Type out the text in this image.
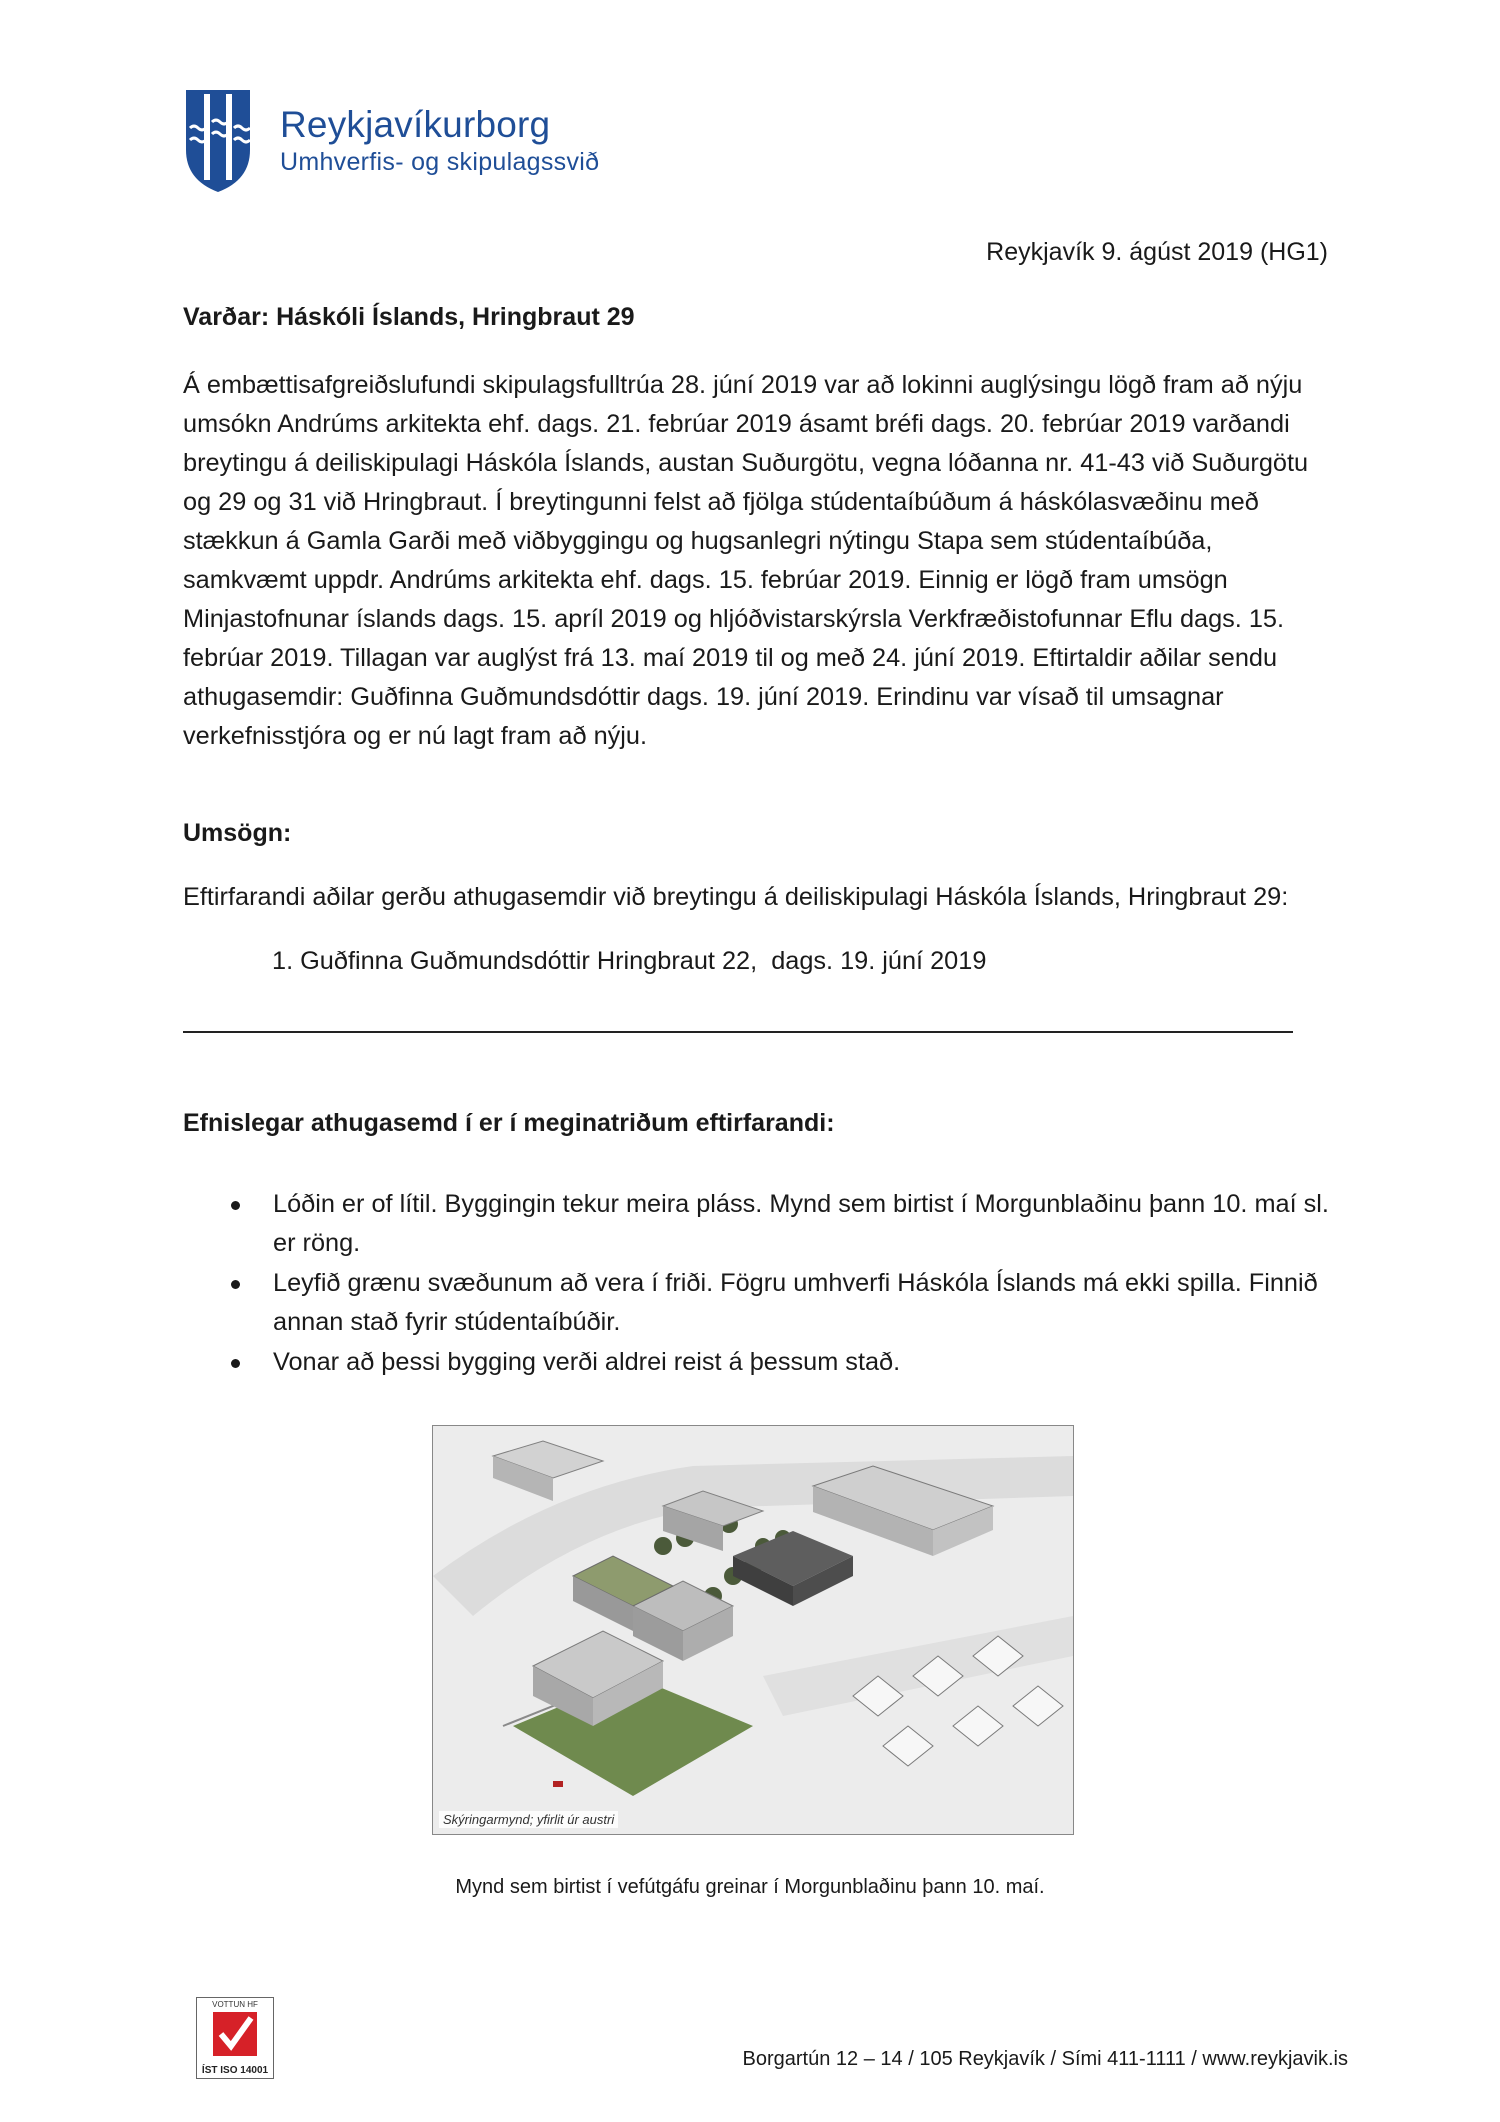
Reykjavíkurborg
Umhverfis- og skipulagssvið
Reykjavík 9. ágúst 2019 (HG1)
Varðar: Háskóli Íslands, Hringbraut 29

Á embættisafgreiðslufundi skipulagsfulltrúa 28. júní 2019 var að lokinni auglýsingu lögð fram að nýju umsókn Andrúms arkitekta ehf. dags. 21. febrúar 2019 ásamt bréfi dags. 20. febrúar 2019 varðandi breytingu á deiliskipulagi Háskóla Íslands, austan Suðurgötu, vegna lóðanna nr. 41-43 við Suðurgötu og 29 og 31 við Hringbraut. Í breytingunni felst að fjölga stúdentaíbúðum á háskólasvæðinu með stækkun á Gamla Garði með viðbyggingu og hugsanlegri nýtingu Stapa sem stúdentaíbúða, samkvæmt uppdr. Andrúms arkitekta ehf. dags. 15. febrúar 2019. Einnig er lögð fram umsögn Minjastofnunar íslands dags. 15. apríl 2019 og hljóðvistarskýrsla Verkfræðistofunnar Eflu dags. 15. febrúar 2019. Tillagan var auglýst frá 13. maí 2019 til og með 24. júní 2019. Eftirtaldir aðilar sendu athugasemdir: Guðfinna Guðmundsdóttir dags. 19. júní 2019. Erindinu var vísað til umsagnar verkefnisstjóra og er nú lagt fram að nýju.

Umsögn:
Eftirfarandi aðilar gerðu athugasemdir við breytingu á deiliskipulagi Háskóla Íslands, Hringbraut 29:
1. Guðfinna Guðmundsdóttir Hringbraut 22,  dags. 19. júní 2019
Efnislegar athugasemd í er í meginatriðum eftirfarandi:
Lóðin er of lítil. Byggingin tekur meira pláss. Mynd sem birtist í Morgunblaðinu þann 10. maí sl. er röng.
Leyfið grænu svæðunum að vera í friði. Fögru umhverfi Háskóla Íslands má ekki spilla. Finnið annan stað fyrir stúdentaíbúðir.
Vonar að þessi bygging verði aldrei reist á þessum stað.
Skýringarmynd; yfirlit úr austri
Mynd sem birtist í vefútgáfu greinar í Morgunblaðinu þann 10. maí.
VOTTUN HF
ÍST ISO 14001
Borgartún 12 – 14 / 105 Reykjavík / Sími 411-1111 / www.reykjavik.is
